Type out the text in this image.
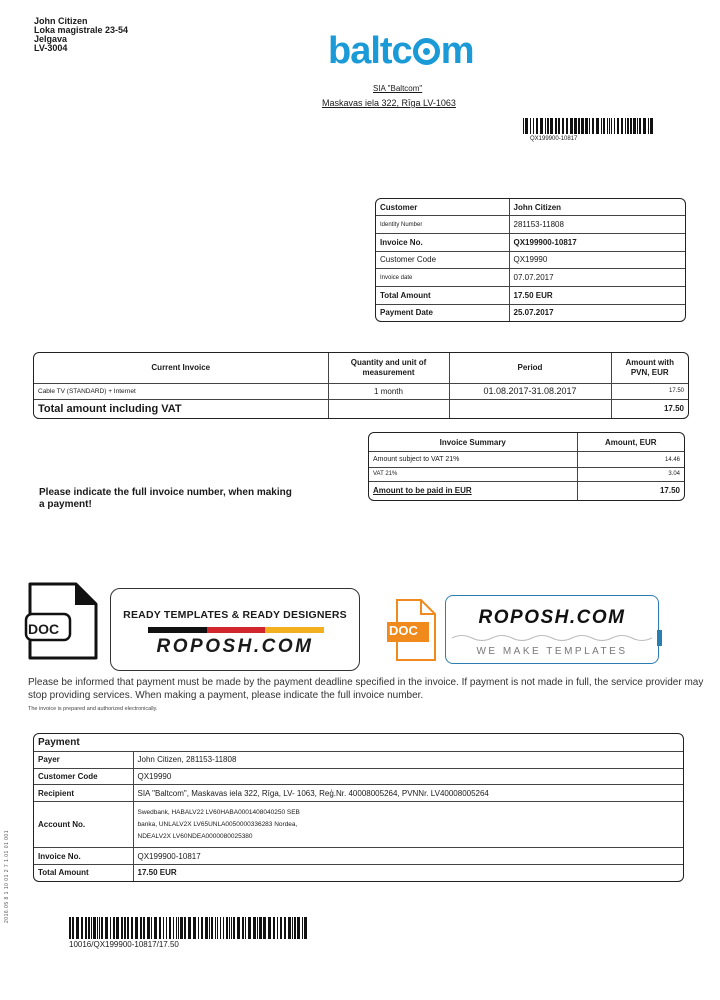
John Citizen
Loka magistrale 23-54
Jelgava
LV-3004	baltc m
SIA "Baltcom"
Maskavas iela 322, Rīga LV-1063
QX199900-10817
Customer	John Citizen
Identity Number	281153-11808
Invoice No.	QX199900-10817
Customer Code	QX19990
Invoice date	07.07.2017
Total Amount	17.50 EUR
Payment Date	25.07.2017
Current Invoice	Quantity and unit of measurement	Period	Amount with PVN, EUR
Cable TV (STANDARD) + Internet	1 month	01.08.2017-31.08.2017	17.50
Total amount including VAT			17.50
Invoice Summary	Amount, EUR
Amount subject to VAT 21%	14.46
VAT 21%	3.04
Amount to be paid in EUR	17.50
Please indicate the full invoice number, when making a payment!
DOC
READY TEMPLATES & READY DESIGNERS
ROPOSH.COM
DOC
ROPOSH.COM
WE MAKE TEMPLATES
Please be informed that payment must be made by the payment deadline specified in the invoice. If payment is not made in full, the service provider may stop providing services. When making a payment, please indicate the full invoice number.
The invoice is prepared and authorized electronically.
Payment	
Payer	John Citizen, 281153-11808
Customer Code	QX19990
Recipient	SIA "Baltcom", Maskavas iela 322, Rīga, LV- 1063, Reģ.Nr. 40008005264, PVNNr. LV40008005264
Account No.	Swedbank, HABALV22 LV60HABA0001408040250 SEB
banka, UNLALV2X LV65UNLA0050000336283 Nordea,
NDEALV2X LV60NDEA0000080025380

Invoice No.	QX199900-10817
Total Amount	17.50 EUR
2016.05 8 1 10 01 2 7 1.01 01 001
10016/QX199900-10817/17.50
